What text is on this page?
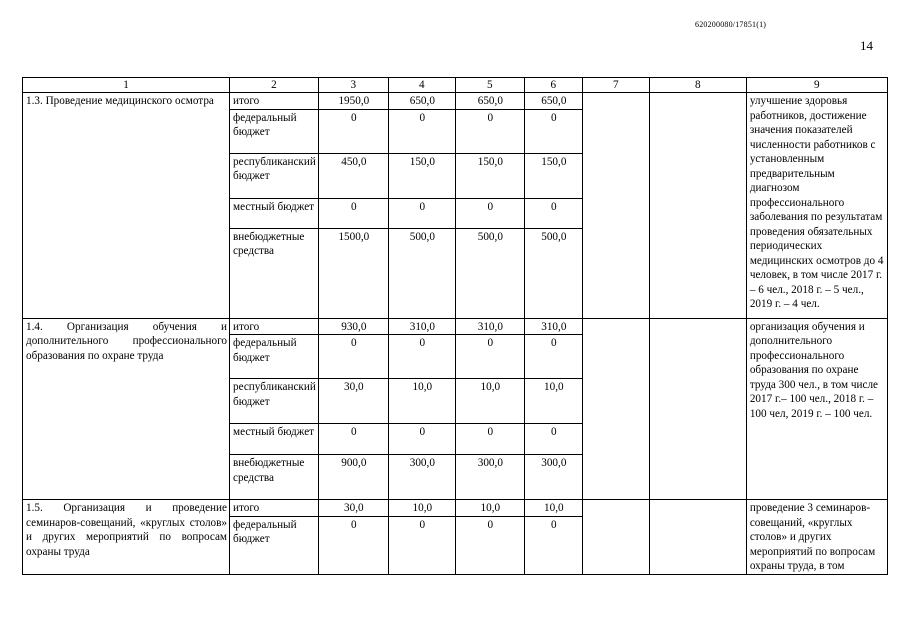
620200080/17851(1)
14
1	2	3	4	5	6	7	8	9
1.3. Проведение медицинского осмотра	итого	1950,0	650,0	650,0	650,0			улучшение здоровья работников, достижение значения показателей численности работников с установленным предварительным диагнозом профессионального заболевания по результатам проведения обязательных периодических медицинских осмотров до 4 человек, в том числе 2017 г. – 6 чел., 2018 г. – 5 чел., 2019 г. – 4 чел.
	федеральный бюджет	0	0	0	0			
	республиканский бюджет	450,0	150,0	150,0	150,0			
	местный бюджет	0	0	0	0			
	внебюджетные средства	1500,0	500,0	500,0	500,0			
1.4. Организация обучения и дополнительного профессионального образования по охране труда	итого	930,0	310,0	310,0	310,0			организация обучения и дополнительного профессионального образования по охране труда 300 чел., в том числе 2017 г.– 100 чел., 2018 г. – 100 чел, 2019 г. – 100 чел.
	федеральный бюджет	0	0	0	0			
	республиканский бюджет	30,0	10,0	10,0	10,0			
	местный бюджет	0	0	0	0			
	внебюджетные средства	900,0	300,0	300,0	300,0			
1.5. Организация и проведение семинаров-совещаний, «круглых столов» и других мероприятий по вопросам охраны труда	итого	30,0	10,0	10,0	10,0			проведение 3 семинаров-совещаний, «круглых столов» и других мероприятий по вопросам охраны труда, в том
	федеральный бюджет	0	0	0	0			
